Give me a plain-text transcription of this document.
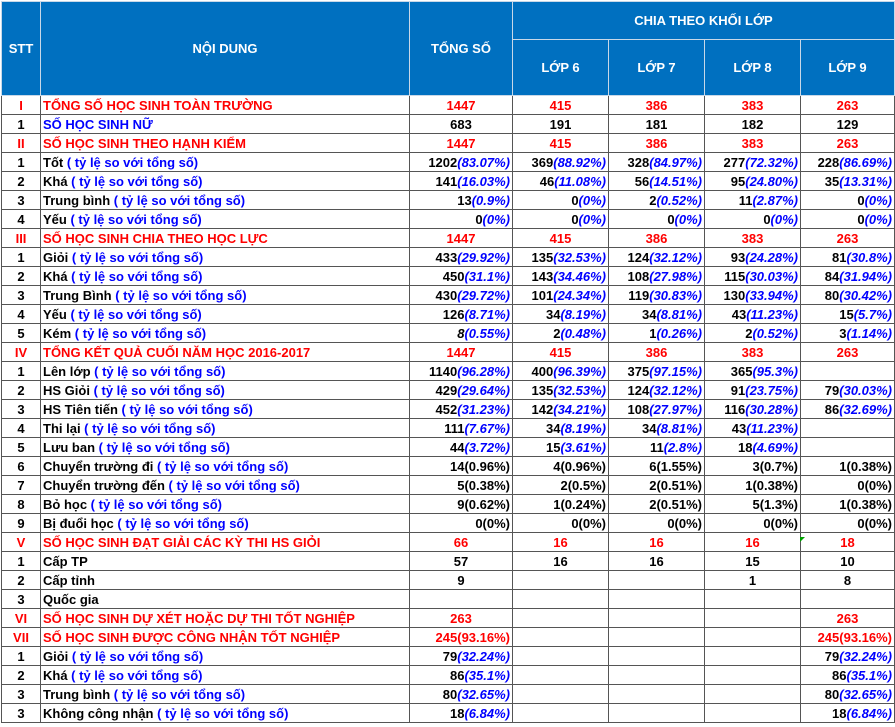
STT	NỘI DUNG	TỔNG SỐ	CHIA THEO KHỐI LỚP			
			LỚP 6	LỚP 7	LỚP 8	LỚP 9
I	TỔNG SỐ HỌC SINH TOÀN TRƯỜNG	1447	415	386	383	263
1	SỐ HỌC SINH NỮ	683	191	181	182	129
II	SỐ HỌC SINH THEO HẠNH KIỂM	1447	415	386	383	263
1	Tốt ( tỷ lệ so với tổng số)	1202(83.07%)	369(88.92%)	328(84.97%)	277(72.32%)	228(86.69%)
2	Khá ( tỷ lệ so với tổng số)	141(16.03%)	46(11.08%)	56(14.51%)	95(24.80%)	35(13.31%)
3	Trung bình ( tỷ lệ so với tổng số)	13(0.9%)	0(0%)	2(0.52%)	11(2.87%)	0(0%)
4	Yếu ( tỷ lệ so với tổng số)	0(0%)	0(0%)	0(0%)	0(0%)	0(0%)
III	SỐ HỌC SINH CHIA THEO HỌC LỰC	1447	415	386	383	263
1	Giỏi ( tỷ lệ so với tổng số)	433(29.92%)	135(32.53%)	124(32.12%)	93(24.28%)	81(30.8%)
2	Khá ( tỷ lệ so với tổng số)	450(31.1%)	143(34.46%)	108(27.98%)	115(30.03%)	84(31.94%)
3	Trung Bình ( tỷ lệ so với tổng số)	430(29.72%)	101(24.34%)	119(30.83%)	130(33.94%)	80(30.42%)
4	Yếu ( tỷ lệ so với tổng số)	126(8.71%)	34(8.19%)	34(8.81%)	43(11.23%)	15(5.7%)
5	Kém ( tỷ lệ so với tổng số)	8(0.55%)	2(0.48%)	1(0.26%)	2(0.52%)	3(1.14%)
IV	TỔNG KẾT QUẢ CUỐI NĂM HỌC 2016-2017	1447	415	386	383	263
1	Lên lớp ( tỷ lệ so với tổng số)	1140(96.28%)	400(96.39%)	375(97.15%)	365(95.3%)	
2	HS Giỏi ( tỷ lệ so với tổng số)	429(29.64%)	135(32.53%)	124(32.12%)	91(23.75%)	79(30.03%)
3	HS Tiên tiến ( tỷ lệ so với tổng số)	452(31.23%)	142(34.21%)	108(27.97%)	116(30.28%)	86(32.69%)
4	Thi lại ( tỷ lệ so với tổng số)	111(7.67%)	34(8.19%)	34(8.81%)	43(11.23%)	
5	Lưu ban ( tỷ lệ so với tổng số)	44(3.72%)	15(3.61%)	11(2.8%)	18(4.69%)	
6	Chuyển trường đi ( tỷ lệ so với tổng số)	14(0.96%)	4(0.96%)	6(1.55%)	3(0.7%)	1(0.38%)
7	Chuyển trường đến ( tỷ lệ so với tổng số)	5(0.38%)	2(0.5%)	2(0.51%)	1(0.38%)	0(0%)
8	Bỏ học ( tỷ lệ so với tổng số)	9(0.62%)	1(0.24%)	2(0.51%)	5(1.3%)	1(0.38%)
9	Bị đuổi học ( tỷ lệ so với tổng số)	0(0%)	0(0%)	0(0%)	0(0%)	0(0%)
V	SỐ HỌC SINH ĐẠT GIẢI CÁC KỲ THI HS GIỎI	66	16	16	16	18
1	Cấp TP	57	16	16	15	10
2	Cấp tỉnh	9			1	8
3	Quốc gia					
VI	SỐ HỌC SINH DỰ XÉT HOẶC DỰ THI TỐT NGHIỆP	263				263
VII	SỐ HỌC SINH ĐƯỢC CÔNG NHẬN TỐT NGHIỆP	245(93.16%)				245(93.16%)
1	Giỏi ( tỷ lệ so với tổng số)	79(32.24%)				79(32.24%)
2	Khá ( tỷ lệ so với tổng số)	86(35.1%)				86(35.1%)
3	Trung bình ( tỷ lệ so với tổng số)	80(32.65%)				80(32.65%)
3	Không công nhận ( tỷ lệ so với tổng số)	18(6.84%)				18(6.84%)
